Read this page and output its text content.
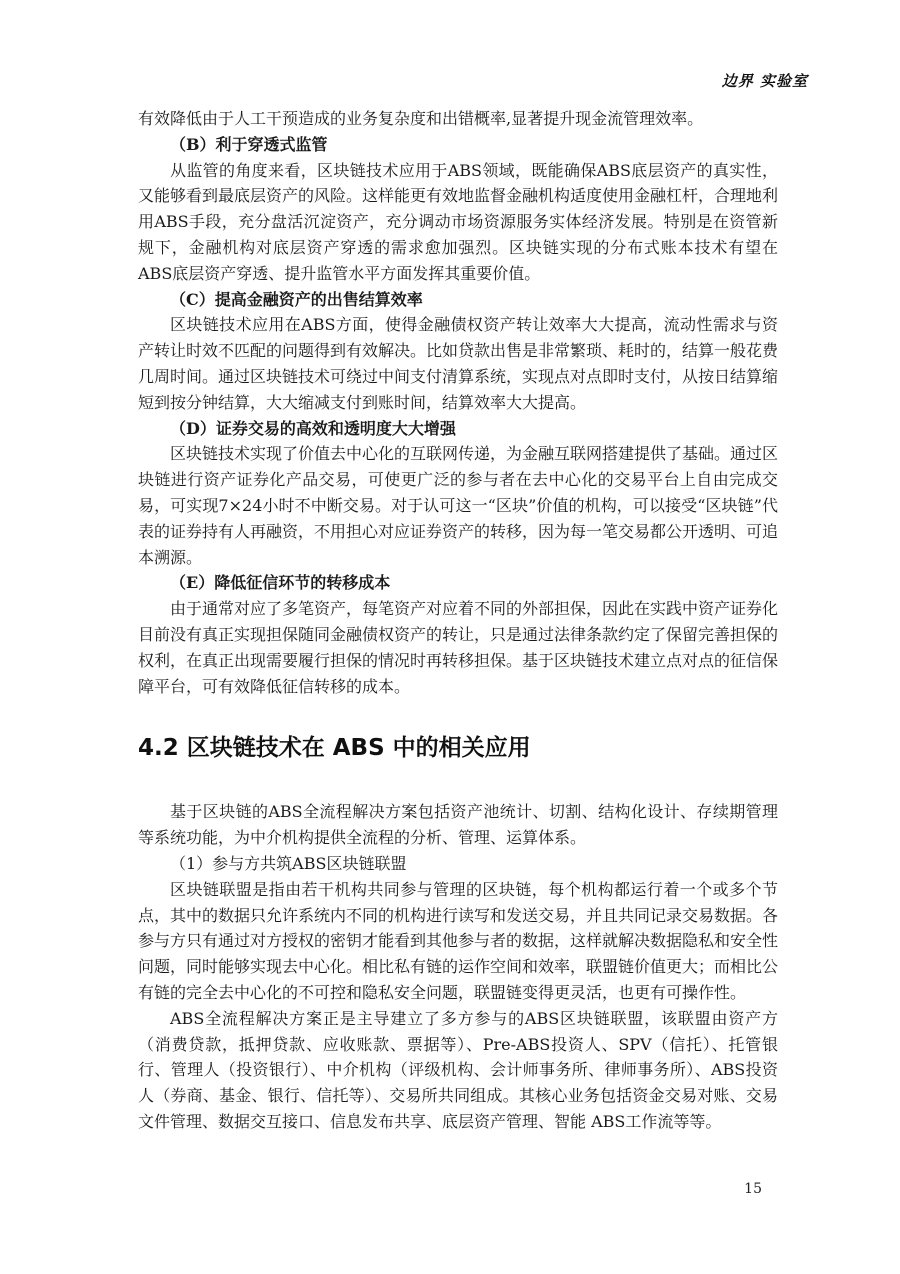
边界 实验室

有效降低由于人工干预造成的业务复杂度和出错概率,显著提升现金流管理效率。

（B）利于穿透式监管

从监管的角度来看，区块链技术应用于ABS领域，既能确保ABS底层资产的真实性，又能够看到最底层资产的风险。这样能更有效地监督金融机构适度使用金融杠杆，合理地利用ABS手段，充分盘活沉淀资产，充分调动市场资源服务实体经济发展。特别是在资管新规下，金融机构对底层资产穿透的需求愈加强烈。区块链实现的分布式账本技术有望在ABS底层资产穿透、提升监管水平方面发挥其重要价值。

（C）提高金融资产的出售结算效率

区块链技术应用在ABS方面，使得金融债权资产转让效率大大提高，流动性需求与资产转让时效不匹配的问题得到有效解决。比如贷款出售是非常繁琐、耗时的，结算一般花费几周时间。通过区块链技术可绕过中间支付清算系统，实现点对点即时支付，从按日结算缩短到按分钟结算，大大缩减支付到账时间，结算效率大大提高。

（D）证券交易的高效和透明度大大增强

区块链技术实现了价值去中心化的互联网传递，为金融互联网搭建提供了基础。通过区块链进行资产证券化产品交易，可使更广泛的参与者在去中心化的交易平台上自由完成交易，可实现7×24小时不中断交易。对于认可这一“区块”价值的机构，可以接受“区块链”代表的证券持有人再融资，不用担心对应证券资产的转移，因为每一笔交易都公开透明、可追本溯源。

（E）降低征信环节的转移成本

由于通常对应了多笔资产，每笔资产对应着不同的外部担保，因此在实践中资产证券化目前没有真正实现担保随同金融债权资产的转让，只是通过法律条款约定了保留完善担保的权利，在真正出现需要履行担保的情况时再转移担保。基于区块链技术建立点对点的征信保障平台，可有效降低征信转移的成本。

4.2 区块链技术在 ABS 中的相关应用

基于区块链的ABS全流程解决方案包括资产池统计、切割、结构化设计、存续期管理等系统功能，为中介机构提供全流程的分析、管理、运算体系。

（1）参与方共筑ABS区块链联盟

区块链联盟是指由若干机构共同参与管理的区块链，每个机构都运行着一个或多个节点，其中的数据只允许系统内不同的机构进行读写和发送交易，并且共同记录交易数据。各参与方只有通过对方授权的密钥才能看到其他参与者的数据，这样就解决数据隐私和安全性问题，同时能够实现去中心化。相比私有链的运作空间和效率，联盟链价值更大；而相比公有链的完全去中心化的不可控和隐私安全问题，联盟链变得更灵活，也更有可操作性。

ABS全流程解决方案正是主导建立了多方参与的ABS区块链联盟，该联盟由资产方（消费贷款，抵押贷款、应收账款、票据等）、Pre-ABS投资人、SPV（信托）、托管银行、管理人（投资银行）、中介机构（评级机构、会计师事务所、律师事务所）、ABS投资人（券商、基金、银行、信托等）、交易所共同组成。其核心业务包括资金交易对账、交易文件管理、数据交互接口、信息发布共享、底层资产管理、智能 ABS工作流等等。

15
